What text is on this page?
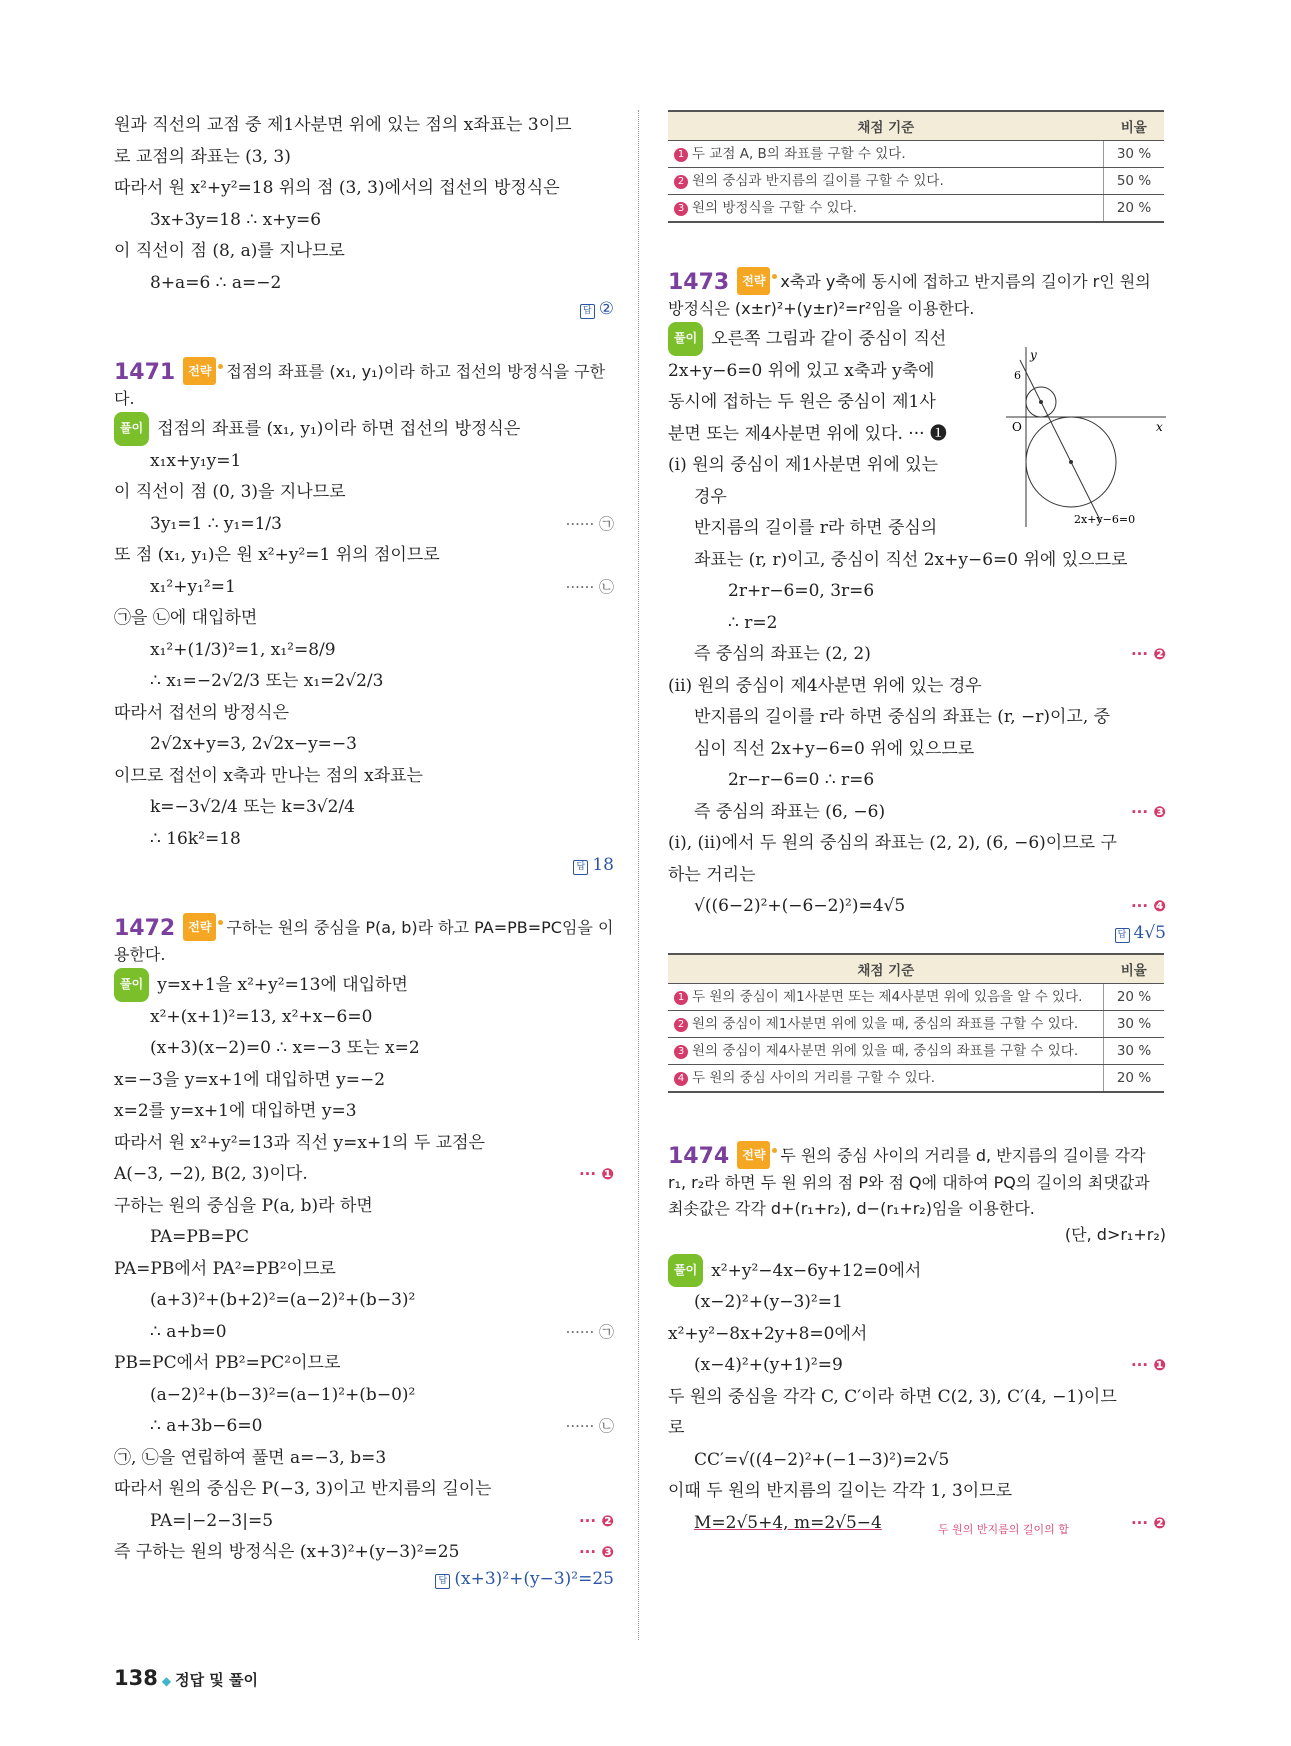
원과 직선의 교점 중 제1사분면 위에 있는 점의 x좌표는 3이므
로 교점의 좌표는 (3, 3)
따라서 원 x²+y²=18 위의 점 (3, 3)에서의 접선의 방정식은
3x+3y=18 ∴ x+y=6
이 직선이 점 (8, a)를 지나므로
8+a=6 ∴ a=−2
답 ②
1471 전략 접점의 좌표를 (x₁, y₁)이라 하고 접선의 방정식을 구한다.
풀이 접점의 좌표를 (x₁, y₁)이라 하면 접선의 방정식은
x₁x+y₁y=1
이 직선이 점 (0, 3)을 지나므로
3y₁=1 ∴ y₁=1/3	······ ㉠
또 점 (x₁, y₁)은 원 x²+y²=1 위의 점이므로
x₁²+y₁²=1	······ ㉡
㉠을 ㉡에 대입하면
x₁²+(1/3)²=1, x₁²=8/9
∴ x₁=−2√2/3 또는 x₁=2√2/3
따라서 접선의 방정식은
2√2x+y=3, 2√2x−y=−3
이므로 접선이 x축과 만나는 점의 x좌표는
k=−3√2/4 또는 k=3√2/4
∴ 16k²=18
답 18
1472 전략 구하는 원의 중심을 P(a, b)라 하고 PA=PB=PC임을 이용한다.
풀이 y=x+1을 x²+y²=13에 대입하면
x²+(x+1)²=13, x²+x−6=0
(x+3)(x−2)=0 ∴ x=−3 또는 x=2
x=−3을 y=x+1에 대입하면 y=−2
x=2를 y=x+1에 대입하면 y=3
따라서 원 x²+y²=13과 직선 y=x+1의 두 교점은
A(−3, −2), B(2, 3)이다.	··· ❶
구하는 원의 중심을 P(a, b)라 하면
PA=PB=PC
PA=PB에서 PA²=PB²이므로
(a+3)²+(b+2)²=(a−2)²+(b−3)²
∴ a+b=0	······ ㉠
PB=PC에서 PB²=PC²이므로
(a−2)²+(b−3)²=(a−1)²+(b−0)²
∴ a+3b−6=0	······ ㉡
㉠, ㉡을 연립하여 풀면 a=−3, b=3
따라서 원의 중심은 P(−3, 3)이고 반지름의 길이는
PA=|−2−3|=5	··· ❷
즉 구하는 원의 방정식은 (x+3)²+(y−3)²=25	··· ❸
답 (x+3)²+(y−3)²=25
채점 기준	비율
1 두 교점 A, B의 좌표를 구할 수 있다.	30 %
2 원의 중심과 반지름의 길이를 구할 수 있다.	50 %
3 원의 방정식을 구할 수 있다.	20 %
1473 전략 x축과 y축에 동시에 접하고 반지름의 길이가 r인 원의 방정식은 (x±r)²+(y±r)²=r²임을 이용한다.
풀이 오른쪽 그림과 같이 중심이 직선
2x+y−6=0 위에 있고 x축과 y축에
동시에 접하는 두 원은 중심이 제1사
분면 또는 제4사분면 위에 있다. ··· ❶
(i) 원의 중심이 제1사분면 위에 있는
경우
반지름의 길이를 r라 하면 중심의
좌표는 (r, r)이고, 중심이 직선 2x+y−6=0 위에 있으므로
2r+r−6=0, 3r=6
∴ r=2
즉 중심의 좌표는 (2, 2)	··· ❷
(ii) 원의 중심이 제4사분면 위에 있는 경우
반지름의 길이를 r라 하면 중심의 좌표는 (r, −r)이고, 중
심이 직선 2x+y−6=0 위에 있으므로
2r−r−6=0 ∴ r=6
즉 중심의 좌표는 (6, −6)	··· ❸
(i), (ii)에서 두 원의 중심의 좌표는 (2, 2), (6, −6)이므로 구
하는 거리는
√((6−2)²+(−6−2)²)=4√5	··· ❹
답 4√5
y
x
O
6
2x+y−6=0
채점 기준	비율
1 두 원의 중심이 제1사분면 또는 제4사분면 위에 있음을 알 수 있다.	20 %
2 원의 중심이 제1사분면 위에 있을 때, 중심의 좌표를 구할 수 있다.	30 %
3 원의 중심이 제4사분면 위에 있을 때, 중심의 좌표를 구할 수 있다.	30 %
4 두 원의 중심 사이의 거리를 구할 수 있다.	20 %
1474 전략 두 원의 중심 사이의 거리를 d, 반지름의 길이를 각각 r₁, r₂라 하면 두 원 위의 점 P와 점 Q에 대하여 PQ의 길이의 최댓값과 최솟값은 각각 d+(r₁+r₂), d−(r₁+r₂)임을 이용한다.
(단, d>r₁+r₂)
풀이 x²+y²−4x−6y+12=0에서
(x−2)²+(y−3)²=1
x²+y²−8x+2y+8=0에서
(x−4)²+(y+1)²=9	··· ❶
두 원의 중심을 각각 C, C′이라 하면 C(2, 3), C′(4, −1)이므
로
CC′=√((4−2)²+(−1−3)²)=2√5
이때 두 원의 반지름의 길이는 각각 1, 3이므로
M=2√5+4, m=2√5−4	두 원의 반지름의 길이의 합	··· ❷
138 ◆ 정답 및 풀이
